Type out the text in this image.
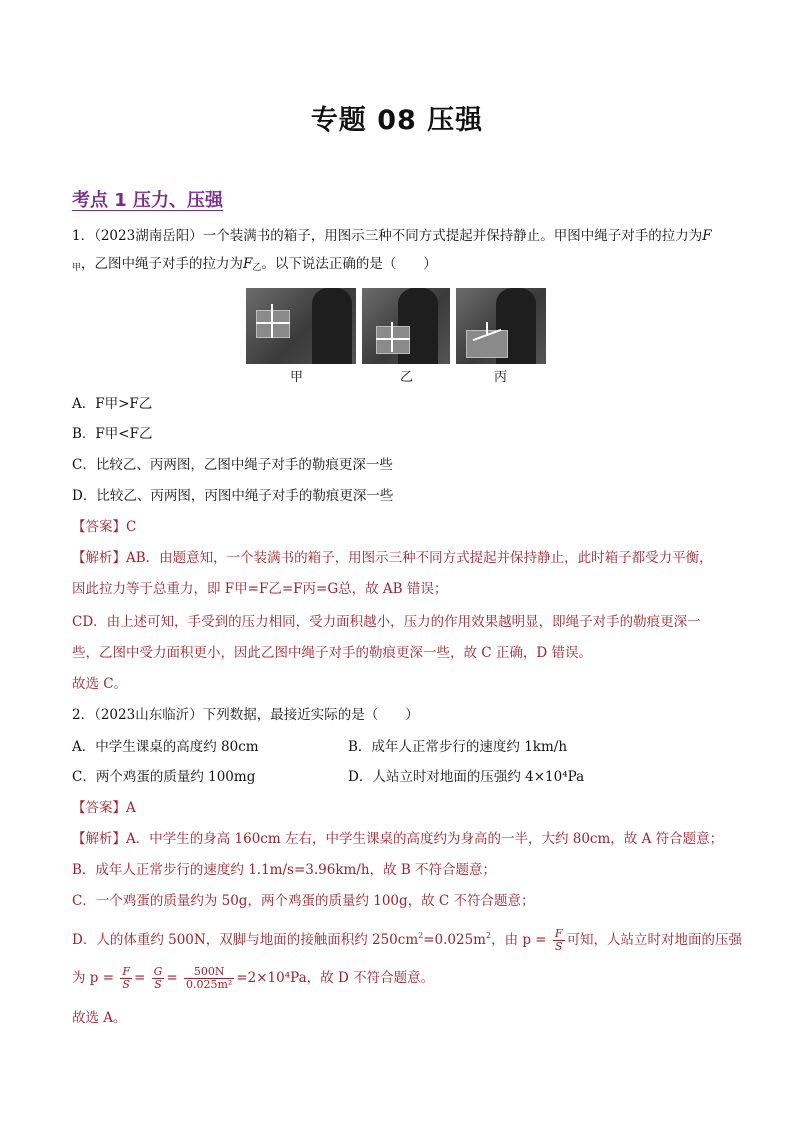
专题 08 压强
考点 1 压力、压强
1．（2023湖南岳阳）一个装满书的箱子，用图示三种不同方式提起并保持静止。甲图中绳子对手的拉力为F
$_甲$，乙图中绳子对手的拉力为$F_乙$。以下说法正确的是（　　）
甲	乙	丙
A．F甲>F乙
B．F甲<F乙
C．比较乙、丙两图，乙图中绳子对手的勒痕更深一些
D．比较乙、丙两图，丙图中绳子对手的勒痕更深一些
【答案】C
【解析】AB．由题意知，一个装满书的箱子，用图示三种不同方式提起并保持静止，此时箱子都受力平衡，
因此拉力等于总重力，即 F甲=F乙=F丙=G总，故 AB 错误；
CD．由上述可知，手受到的压力相同，受力面积越小，压力的作用效果越明显，即绳子对手的勒痕更深一
些，乙图中受力面积更小，因此乙图中绳子对手的勒痕更深一些，故 C 正确，D 错误。
故选 C。
2．（2023山东临沂）下列数据，最接近实际的是（　　）
A．中学生课桌的高度约 80cm	B．成年人正常步行的速度约 1km/h
C．两个鸡蛋的质量约 100mg	D．人站立时对地面的压强约 4×10⁴Pa
【答案】A
【解析】A．中学生的身高 160cm 左右，中学生课桌的高度约为身高的一半，大约 80cm，故 A 符合题意；
B．成年人正常步行的速度约 1.1m/s=3.96km/h，故 B 不符合题意；
C．一个鸡蛋的质量约为 50g，两个鸡蛋的质量约 100g，故 C 不符合题意；
D．人的体重约 500N，双脚与地面的接触面积约 $250cm^2=0.025m^2$，由 $p = \frac{F}{S}$ 可知，人站立时对地面的压强
为 $p = \frac{F}{S} = \frac{G}{S} = \frac{500N}{\text{0.025m²}} =2\times 10^4Pa$，故 D 不符合题意。
故选 A。
